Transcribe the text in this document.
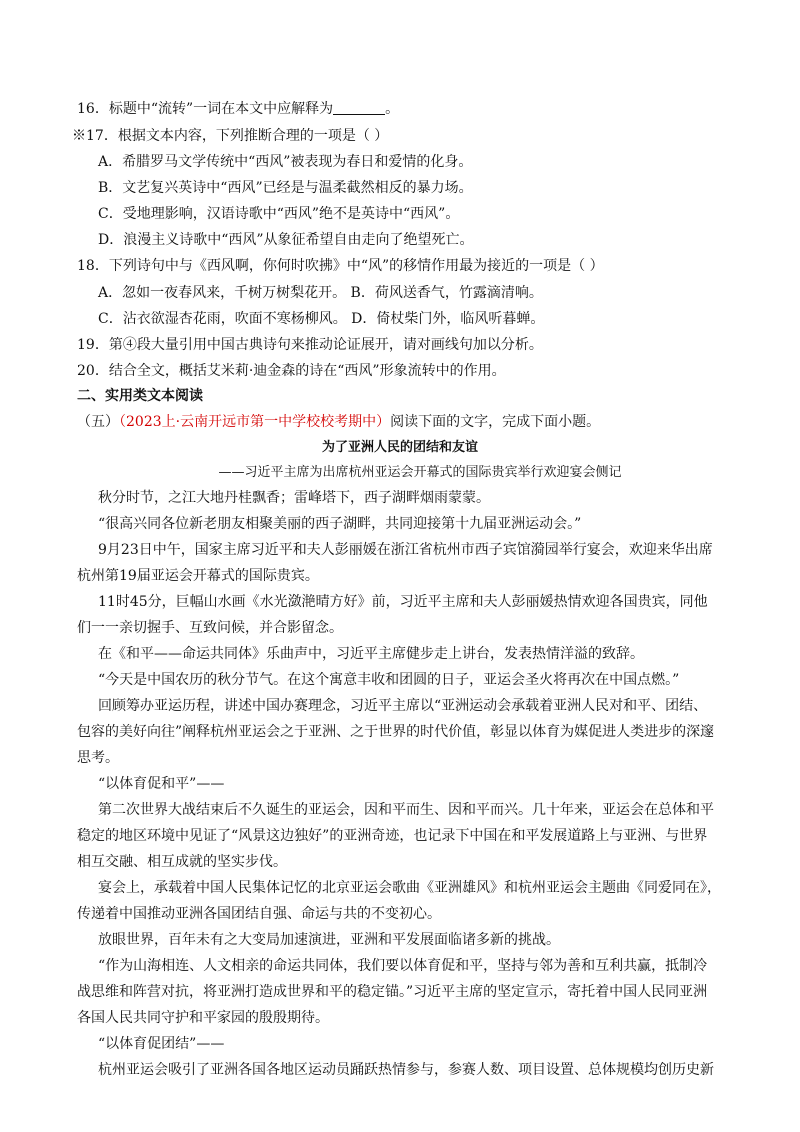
16．标题中“流转”一词在本文中应解释为	。
※17．根据文本内容，下列推断合理的一项是（ ）
A．希腊罗马文学传统中“西风”被表现为春日和爱情的化身。
B．文艺复兴英诗中“西风”已经是与温柔截然相反的暴力场。
C．受地理影响，汉语诗歌中“西风”绝不是英诗中“西风”。
D．浪漫主义诗歌中“西风”从象征希望自由走向了绝望死亡。
18．下列诗句中与《西风啊，你何时吹拂》中“风”的移情作用最为接近的一项是（ ）
A．忽如一夜春风来，千树万树梨花开。 B．荷风送香气，竹露滴清响。
C．沾衣欲湿杏花雨，吹面不寒杨柳风。 D．倚杖柴门外，临风听暮蝉。
19．第④段大量引用中国古典诗句来推动论证展开，请对画线句加以分析。
20．结合全文，概括艾米莉·迪金森的诗在“西风”形象流转中的作用。
二、实用类文本阅读
（五）（2023上·云南开远市第一中学校校考期中）阅读下面的文字，完成下面小题。
为了亚洲人民的团结和友谊
——习近平主席为出席杭州亚运会开幕式的国际贵宾举行欢迎宴会侧记
秋分时节，之江大地丹桂飘香；雷峰塔下，西子湖畔烟雨蒙蒙。
“很高兴同各位新老朋友相聚美丽的西子湖畔，共同迎接第十九届亚洲运动会。”
9月23日中午，国家主席习近平和夫人彭丽媛在浙江省杭州市西子宾馆漪园举行宴会，欢迎来华出席
杭州第19届亚运会开幕式的国际贵宾。
11时45分，巨幅山水画《水光潋滟晴方好》前，习近平主席和夫人彭丽媛热情欢迎各国贵宾，同他
们一一亲切握手、互致问候，并合影留念。
在《和平——命运共同体》乐曲声中，习近平主席健步走上讲台，发表热情洋溢的致辞。
“今天是中国农历的秋分节气。在这个寓意丰收和团圆的日子，亚运会圣火将再次在中国点燃。”
回顾筹办亚运历程，讲述中国办赛理念，习近平主席以“亚洲运动会承载着亚洲人民对和平、团结、
包容的美好向往”阐释杭州亚运会之于亚洲、之于世界的时代价值，彰显以体育为媒促进人类进步的深邃
思考。
“以体育促和平”——
第二次世界大战结束后不久诞生的亚运会，因和平而生、因和平而兴。几十年来，亚运会在总体和平
稳定的地区环境中见证了“风景这边独好”的亚洲奇迹，也记录下中国在和平发展道路上与亚洲、与世界
相互交融、相互成就的坚实步伐。
宴会上，承载着中国人民集体记忆的北京亚运会歌曲《亚洲雄风》和杭州亚运会主题曲《同爱同在》，
传递着中国推动亚洲各国团结自强、命运与共的不变初心。
放眼世界，百年未有之大变局加速演进，亚洲和平发展面临诸多新的挑战。
“作为山海相连、人文相亲的命运共同体，我们要以体育促和平，坚持与邻为善和互利共赢，抵制冷
战思维和阵营对抗，将亚洲打造成世界和平的稳定锚。”习近平主席的坚定宣示，寄托着中国人民同亚洲
各国人民共同守护和平家园的殷殷期待。
“以体育促团结”——
杭州亚运会吸引了亚洲各国各地区运动员踊跃热情参与，参赛人数、项目设置、总体规模均创历史新
